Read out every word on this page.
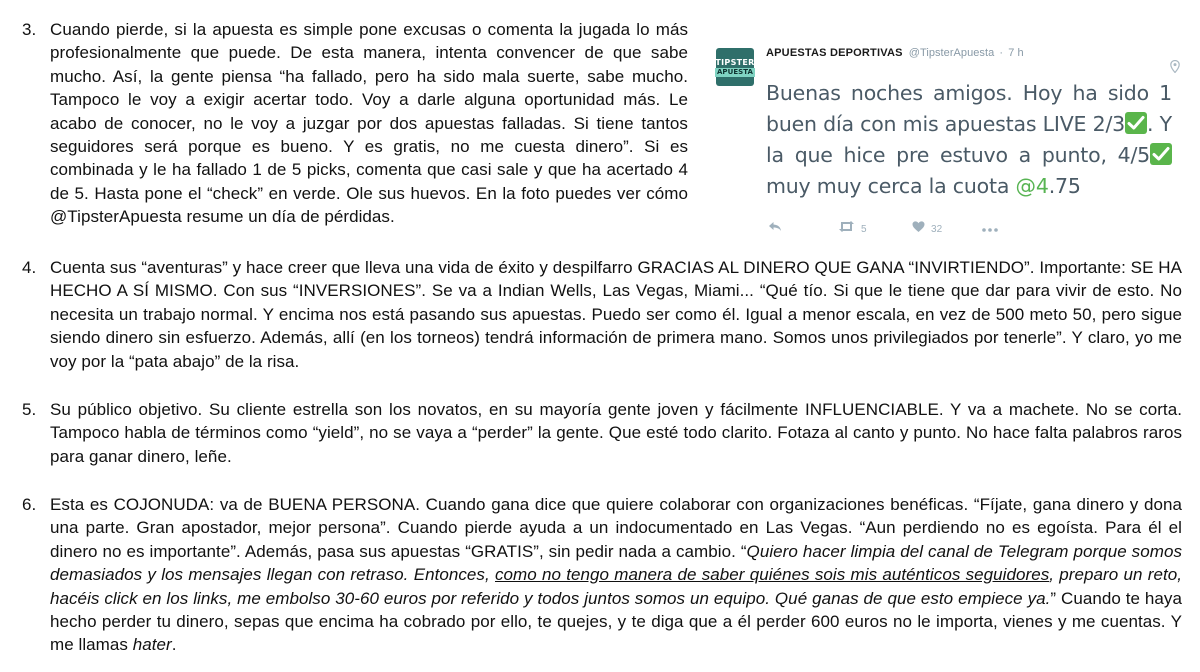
3.
TIPSTER
APUESTA
APUESTAS DEPORTIVAS @TipsterApuesta · 7 h
Buenas noches amigos. Hoy ha sido 1 buen día con mis apuestas LIVE 2/3 . Y la que hice pre estuvo a punto, 4/5
muy muy cerca la cuota @4.75
5	32
Cuando pierde, si la apuesta es simple pone excusas o comenta la jugada lo más profesionalmente que puede. De esta manera, intenta convencer de que sabe mucho. Así, la gente piensa “ha fallado, pero ha sido mala suerte, sabe mucho. Tampoco le voy a exigir acertar todo. Voy a darle alguna oportunidad más. Le acabo de conocer, no le voy a juzgar por dos apuestas falladas. Si tiene tantos seguidores será porque es bueno. Y es gratis, no me cuesta dinero”. Si es combinada y le ha fallado 1 de 5 picks, comenta que casi sale y que ha acertado 4 de 5. Hasta pone el “check” en verde. Ole sus huevos. En la foto puedes ver cómo @TipsterApuesta resume un día de pérdidas.
4. Cuenta sus “aventuras” y hace creer que lleva una vida de éxito y despilfarro GRACIAS AL DINERO QUE GANA “INVIRTIENDO”. Importante: SE HA HECHO A SÍ MISMO. Con sus “INVERSIONES”. Se va a Indian Wells, Las Vegas, Miami... “Qué tío. Si que le tiene que dar para vivir de esto. No necesita un trabajo normal. Y encima nos está pasando sus apuestas. Puedo ser como él. Igual a menor escala, en vez de 500 meto 50, pero sigue siendo dinero sin esfuerzo. Además, allí (en los torneos) tendrá información de primera mano. Somos unos privilegiados por tenerle”. Y claro, yo me voy por la “pata abajo” de la risa.
5. Su público objetivo. Su cliente estrella son los novatos, en su mayoría gente joven y fácilmente INFLUENCIABLE. Y va a machete. No se corta. Tampoco habla de términos como “yield”, no se vaya a “perder” la gente. Que esté todo clarito. Fotaza al canto y punto. No hace falta palabros raros para ganar dinero, leñe.
6. Esta es COJONUDA: va de BUENA PERSONA. Cuando gana dice que quiere colaborar con organizaciones benéficas. “Fíjate, gana dinero y dona una parte. Gran apostador, mejor persona”. Cuando pierde ayuda a un indocumentado en Las Vegas. “Aun perdiendo no es egoísta. Para él el dinero no es importante”. Además, pasa sus apuestas “GRATIS”, sin pedir nada a cambio. “Quiero hacer limpia del canal de Telegram porque somos demasiados y los mensajes llegan con retraso. Entonces, como no tengo manera de saber quiénes sois mis auténticos seguidores, preparo un reto, hacéis click en los links, me embolso 30-60 euros por referido y todos juntos somos un equipo. Qué ganas de que esto empiece ya.” Cuando te haya hecho perder tu dinero, sepas que encima ha cobrado por ello, te quejes, y te diga que a él perder 600 euros no le importa, vienes y me cuentas. Y me llamas hater.
